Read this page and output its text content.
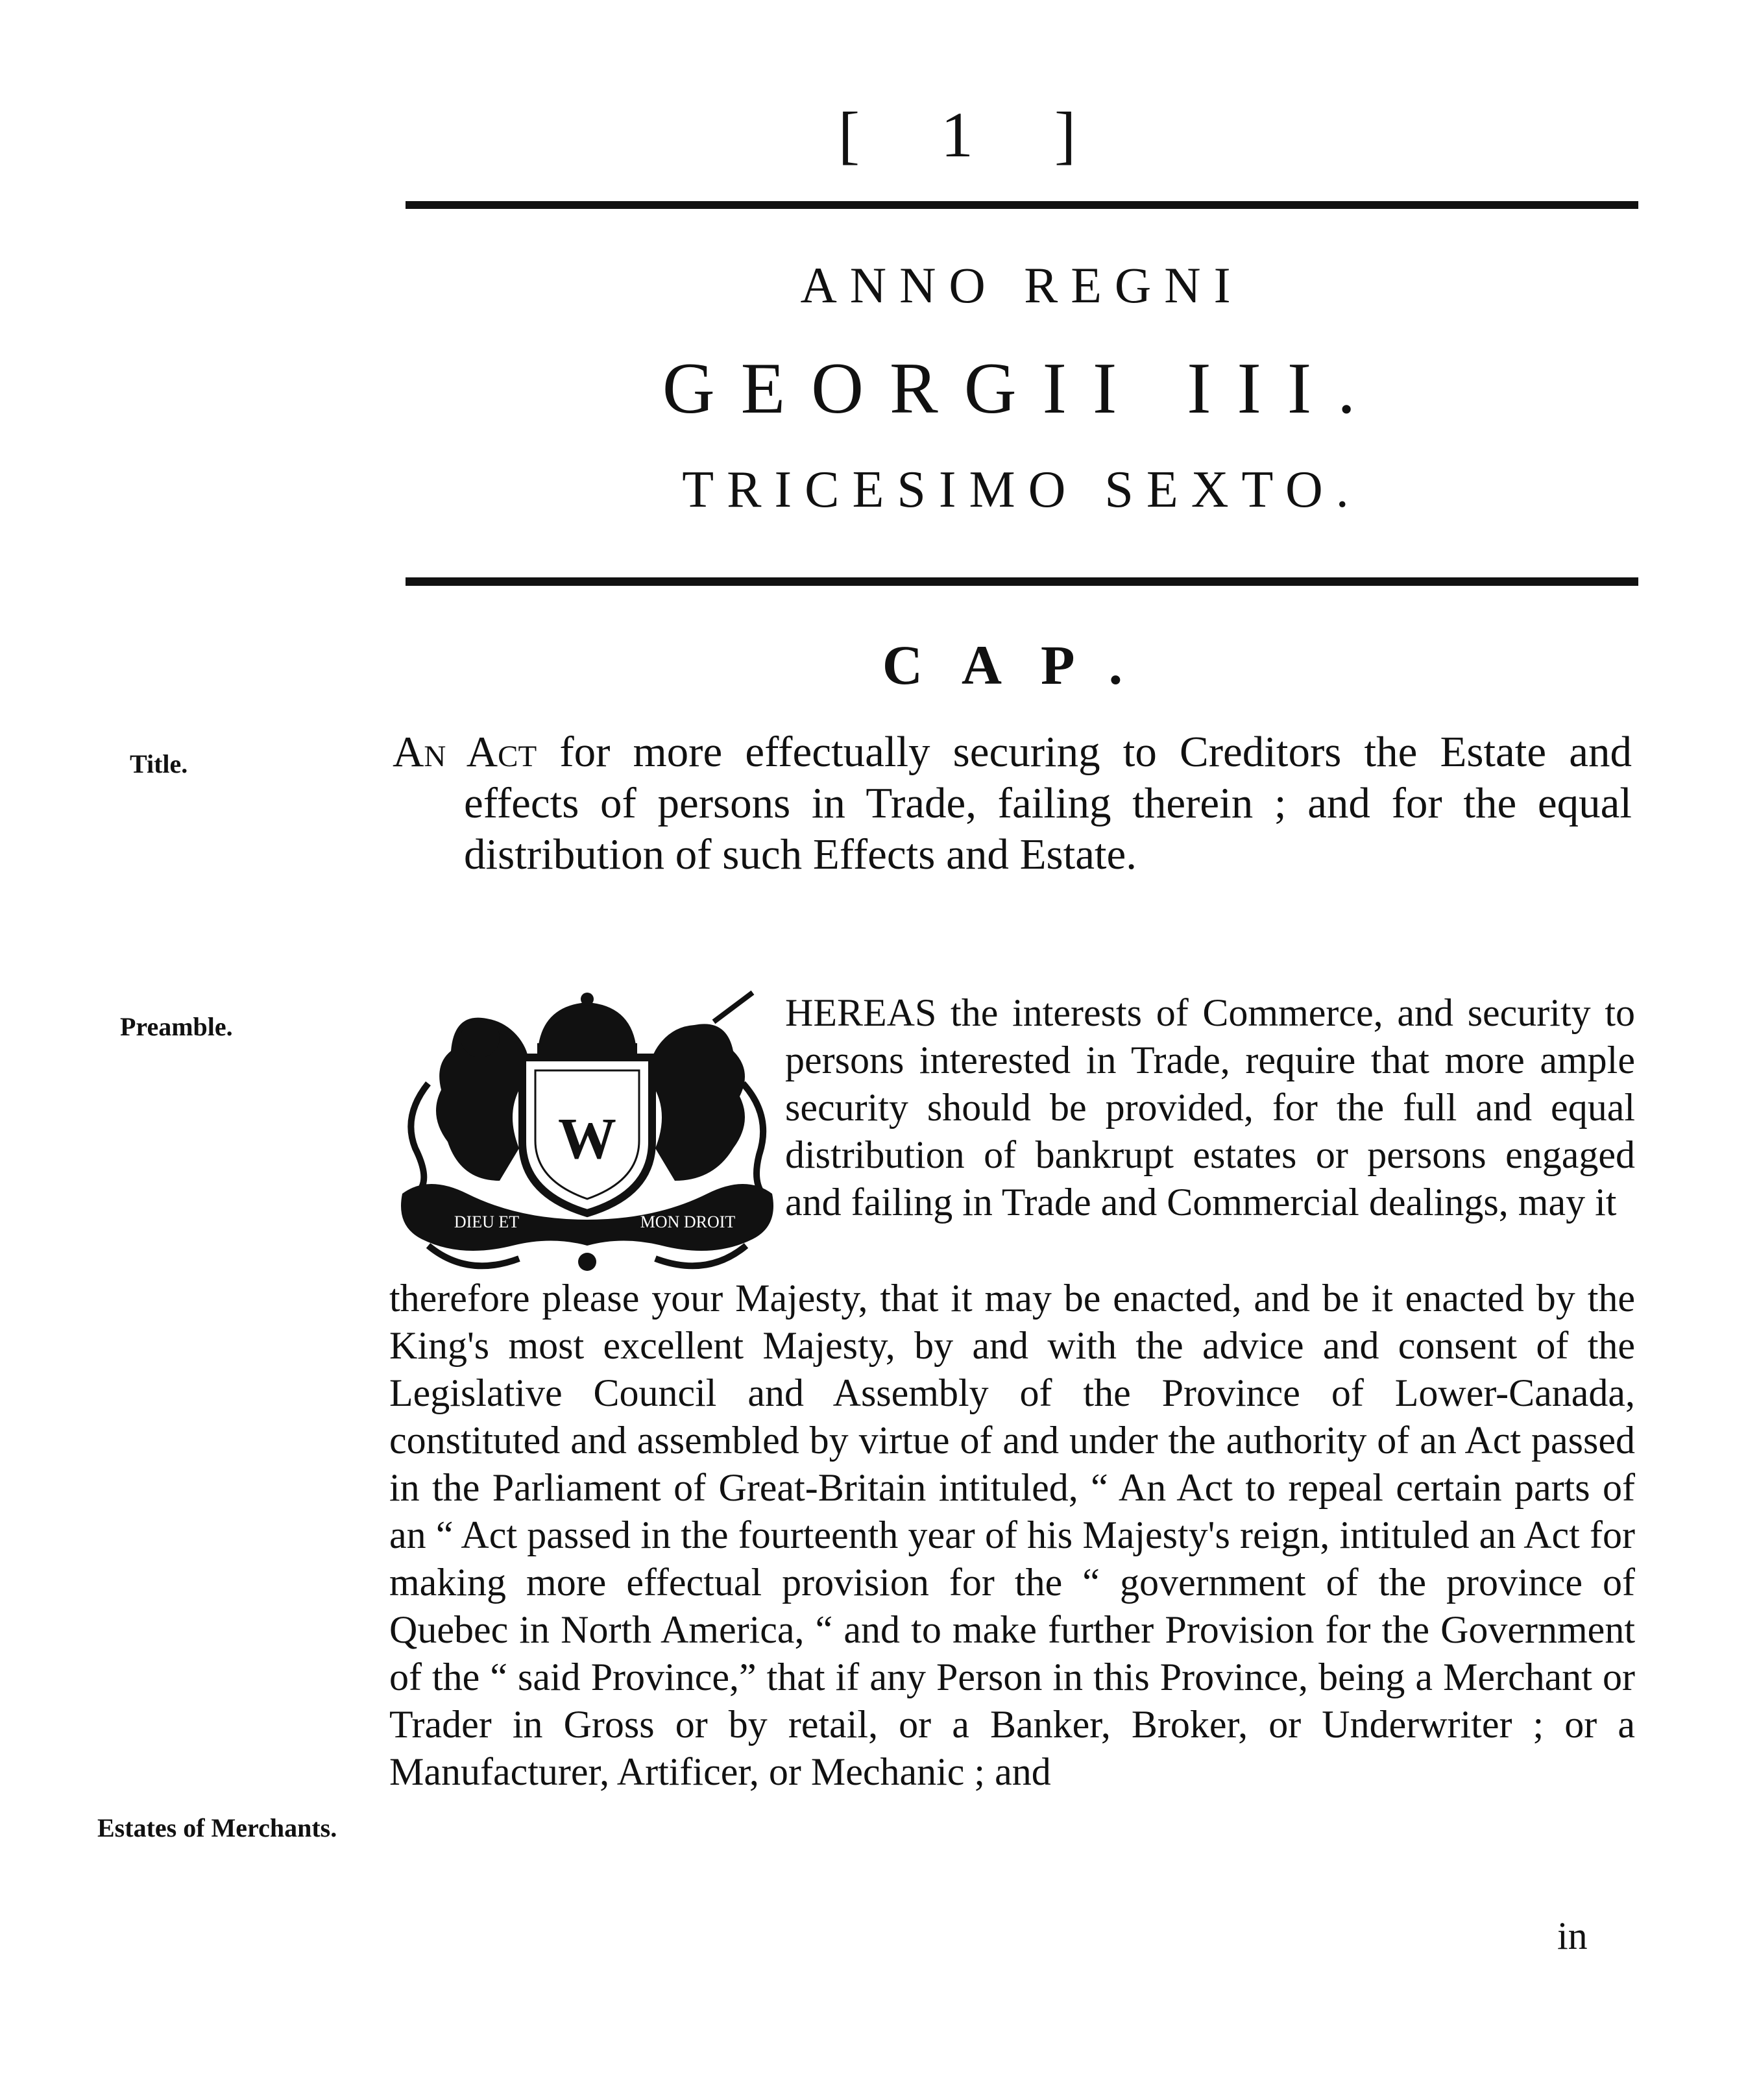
[ 1 ]
ANNO REGNI
GEORGII III.
TRICESIMO SEXTO.
CAP.
Title.
Preamble.
Estates of Merchants.

An Act for more effectually securing to Creditors the Estate and effects of persons in Trade, failing therein ; and for the equal distribution of such Effects and Estate.

W
DIEU ET	MON DROIT

HEREAS the interests of Commerce, and security to persons interested in Trade, require that more ample security should be provided, for the full and equal distribution of bankrupt estates or persons engaged and failing in Trade and Commercial dealings, may it

therefore please your Majesty, that it may be enacted, and be it enacted by the King's most excellent Majesty, by and with the advice and consent of the Legislative Council and Assembly of the Province of Lower-Canada, constituted and assembled by virtue of and under the authority of an Act passed in the Parliament of Great-Britain intituled, “ An Act to repeal certain parts of an “ Act passed in the fourteenth year of his Majesty's reign, intituled an Act for making more effectual provision for the “ government of the province of Quebec in North America, “ and to make further Provision for the Government of the “ said Province,” that if any Person in this Province, being a Merchant or Trader in Gross or by retail, or a Banker, Broker, or Underwriter ; or a Manufacturer, Artificer, or Mechanic ; and

in
